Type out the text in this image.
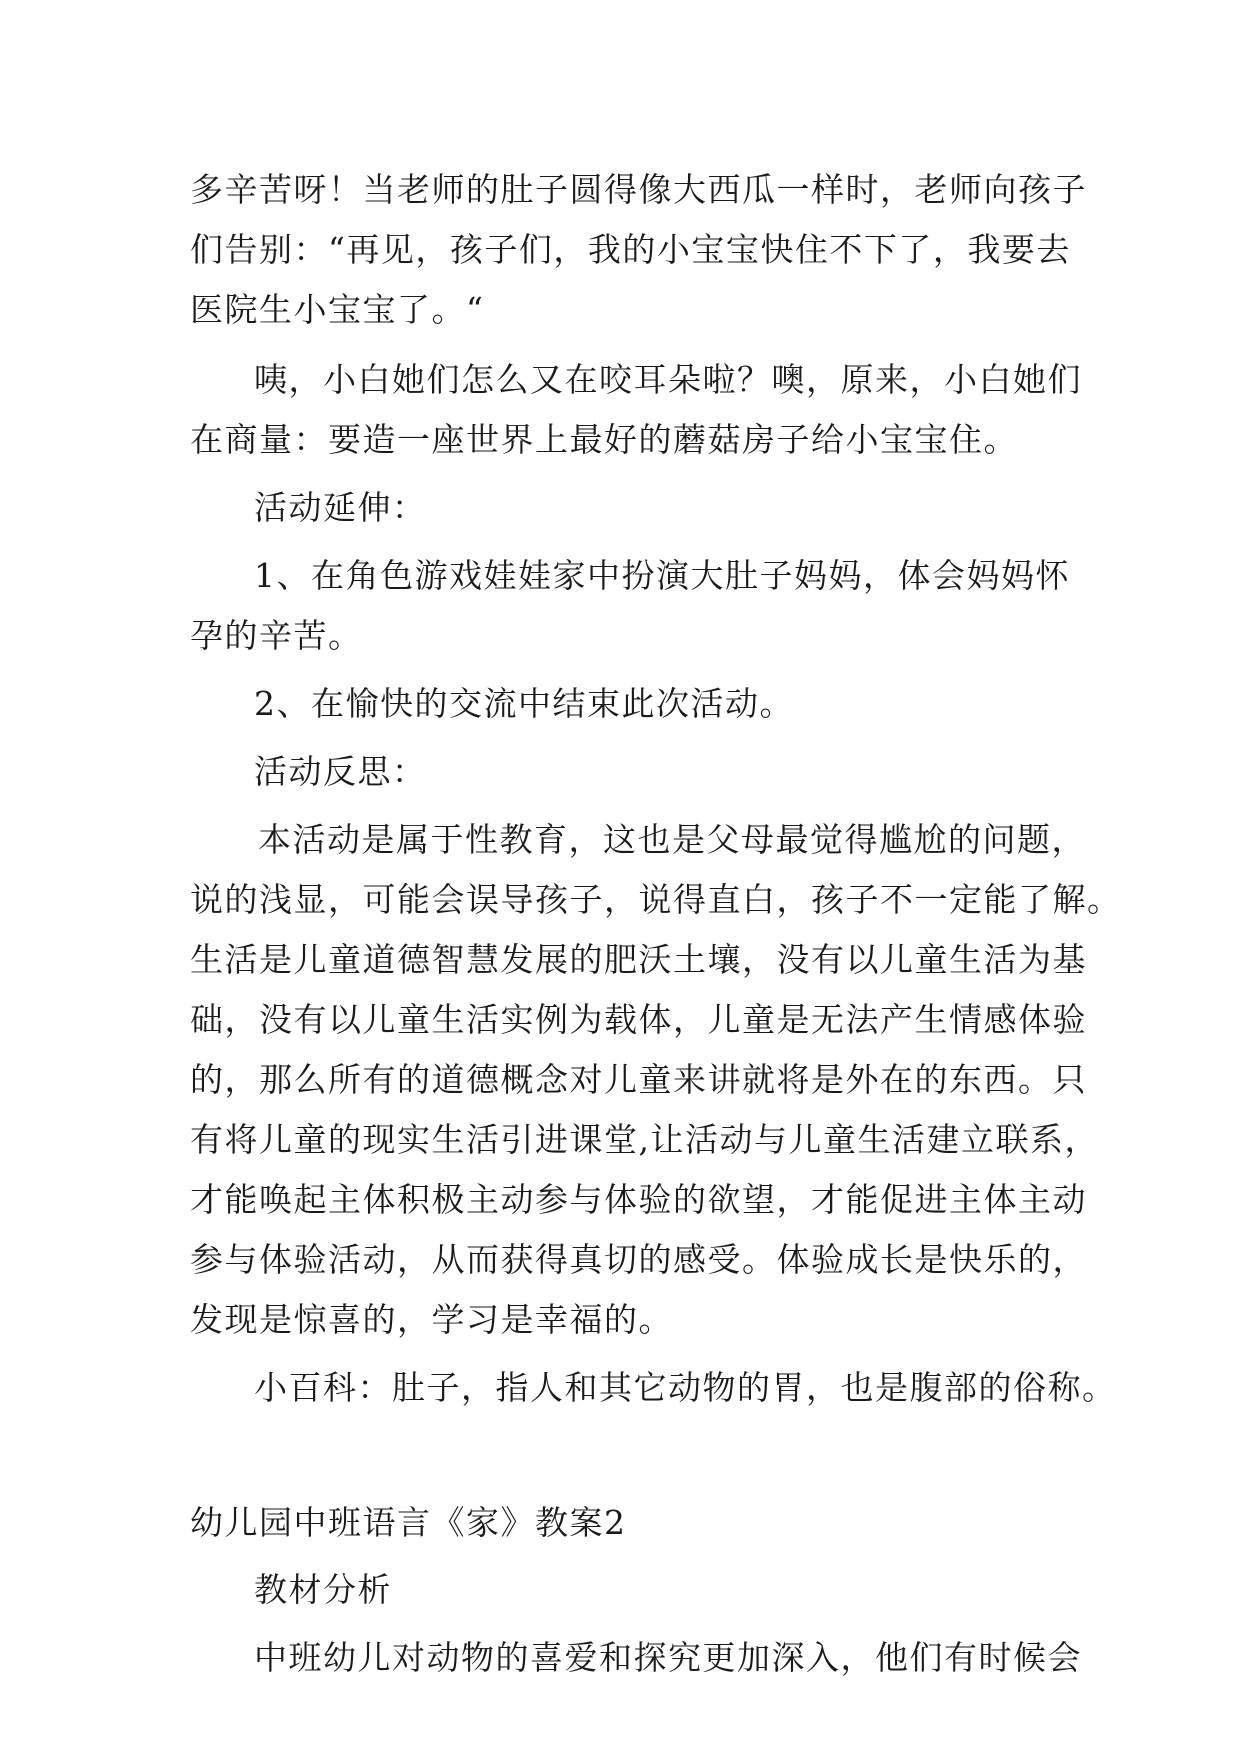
多辛苦呀！当老师的肚子圆得像大西瓜一样时，老师向孩子
们告别：“再见，孩子们，我的小宝宝快住不下了，我要去
医院生小宝宝了。“
咦，小白她们怎么又在咬耳朵啦？噢，原来，小白她们
在商量：要造一座世界上最好的蘑菇房子给小宝宝住。
活动延伸：
1、在角色游戏娃娃家中扮演大肚子妈妈，体会妈妈怀
孕的辛苦。
2、在愉快的交流中结束此次活动。
活动反思：
本活动是属于性教育，这也是父母最觉得尴尬的问题，
说的浅显，可能会误导孩子，说得直白，孩子不一定能了解。
生活是儿童道德智慧发展的肥沃土壤，没有以儿童生活为基
础，没有以儿童生活实例为载体，儿童是无法产生情感体验
的，那么所有的道德概念对儿童来讲就将是外在的东西。只
有将儿童的现实生活引进课堂,让活动与儿童生活建立联系，
才能唤起主体积极主动参与体验的欲望，才能促进主体主动
参与体验活动，从而获得真切的感受。体验成长是快乐的，
发现是惊喜的，学习是幸福的。
小百科：肚子，指人和其它动物的胃，也是腹部的俗称。
幼儿园中班语言《家》教案2
教材分析
中班幼儿对动物的喜爱和探究更加深入，他们有时候会
